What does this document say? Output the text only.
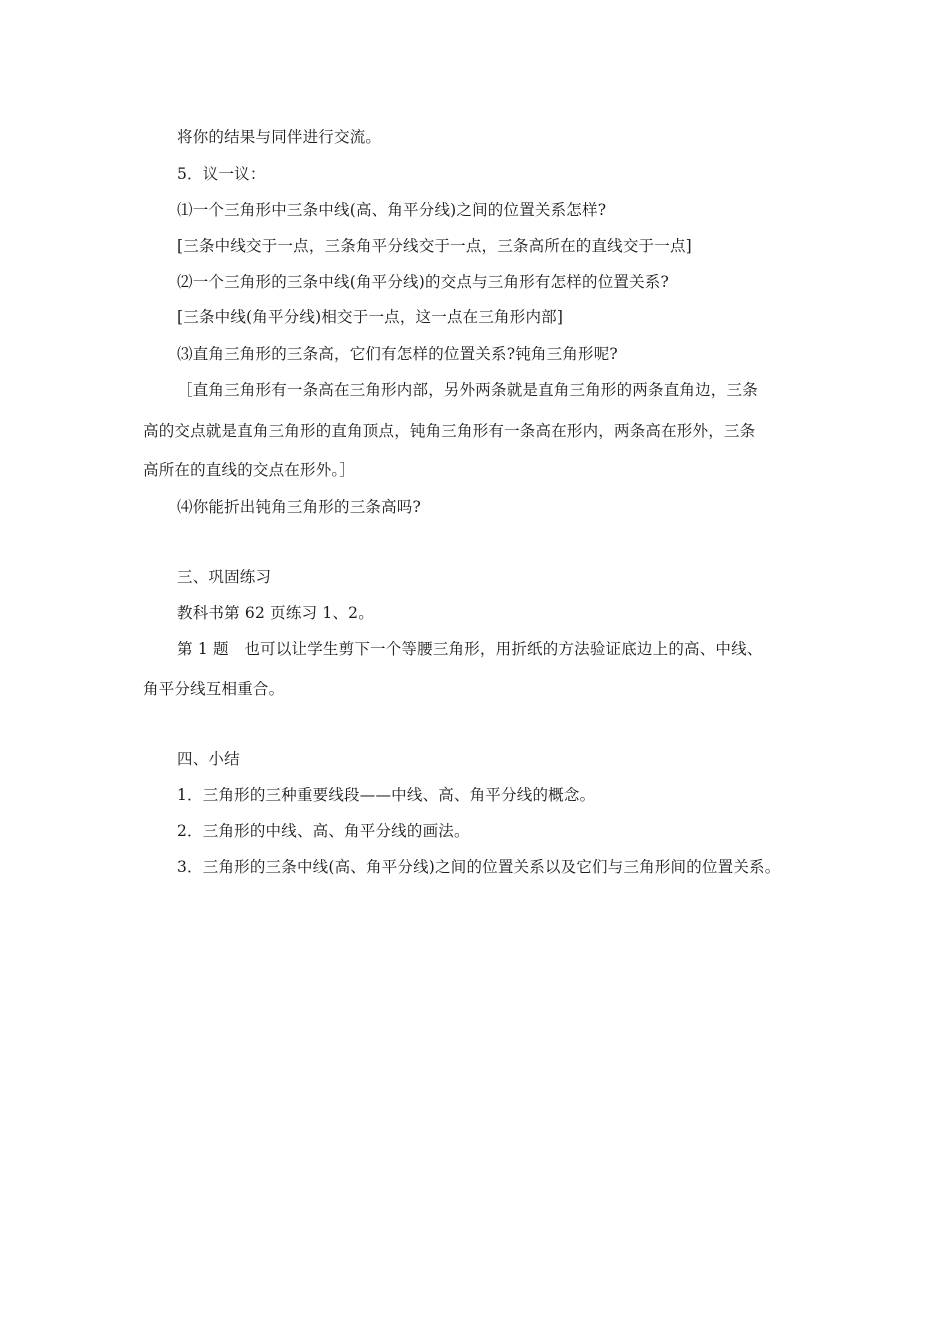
将你的结果与同伴进行交流。
5．议一议：
⑴一个三角形中三条中线(高、角平分线)之间的位置关系怎样?
[三条中线交于一点，三条角平分线交于一点，三条高所在的直线交于一点]
⑵一个三角形的三条中线(角平分线)的交点与三角形有怎样的位置关系?
[三条中线(角平分线)相交于一点，这一点在三角形内部]
⑶直角三角形的三条高，它们有怎样的位置关系?钝角三角形呢?
［直角三角形有一条高在三角形内部，另外两条就是直角三角形的两条直角边，三条
高的交点就是直角三角形的直角顶点，钝角三角形有一条高在形内，两条高在形外，三条
高所在的直线的交点在形外。］
⑷你能折出钝角三角形的三条高吗?
三、巩固练习
教科书第 62 页练习 1、2。
第 1 题　也可以让学生剪下一个等腰三角形，用折纸的方法验证底边上的高、中线、
角平分线互相重合。
四、小结
1．三角形的三种重要线段——中线、高、角平分线的概念。
2．三角形的中线、高、角平分线的画法。
3．三角形的三条中线(高、角平分线)之间的位置关系以及它们与三角形间的位置关系。
